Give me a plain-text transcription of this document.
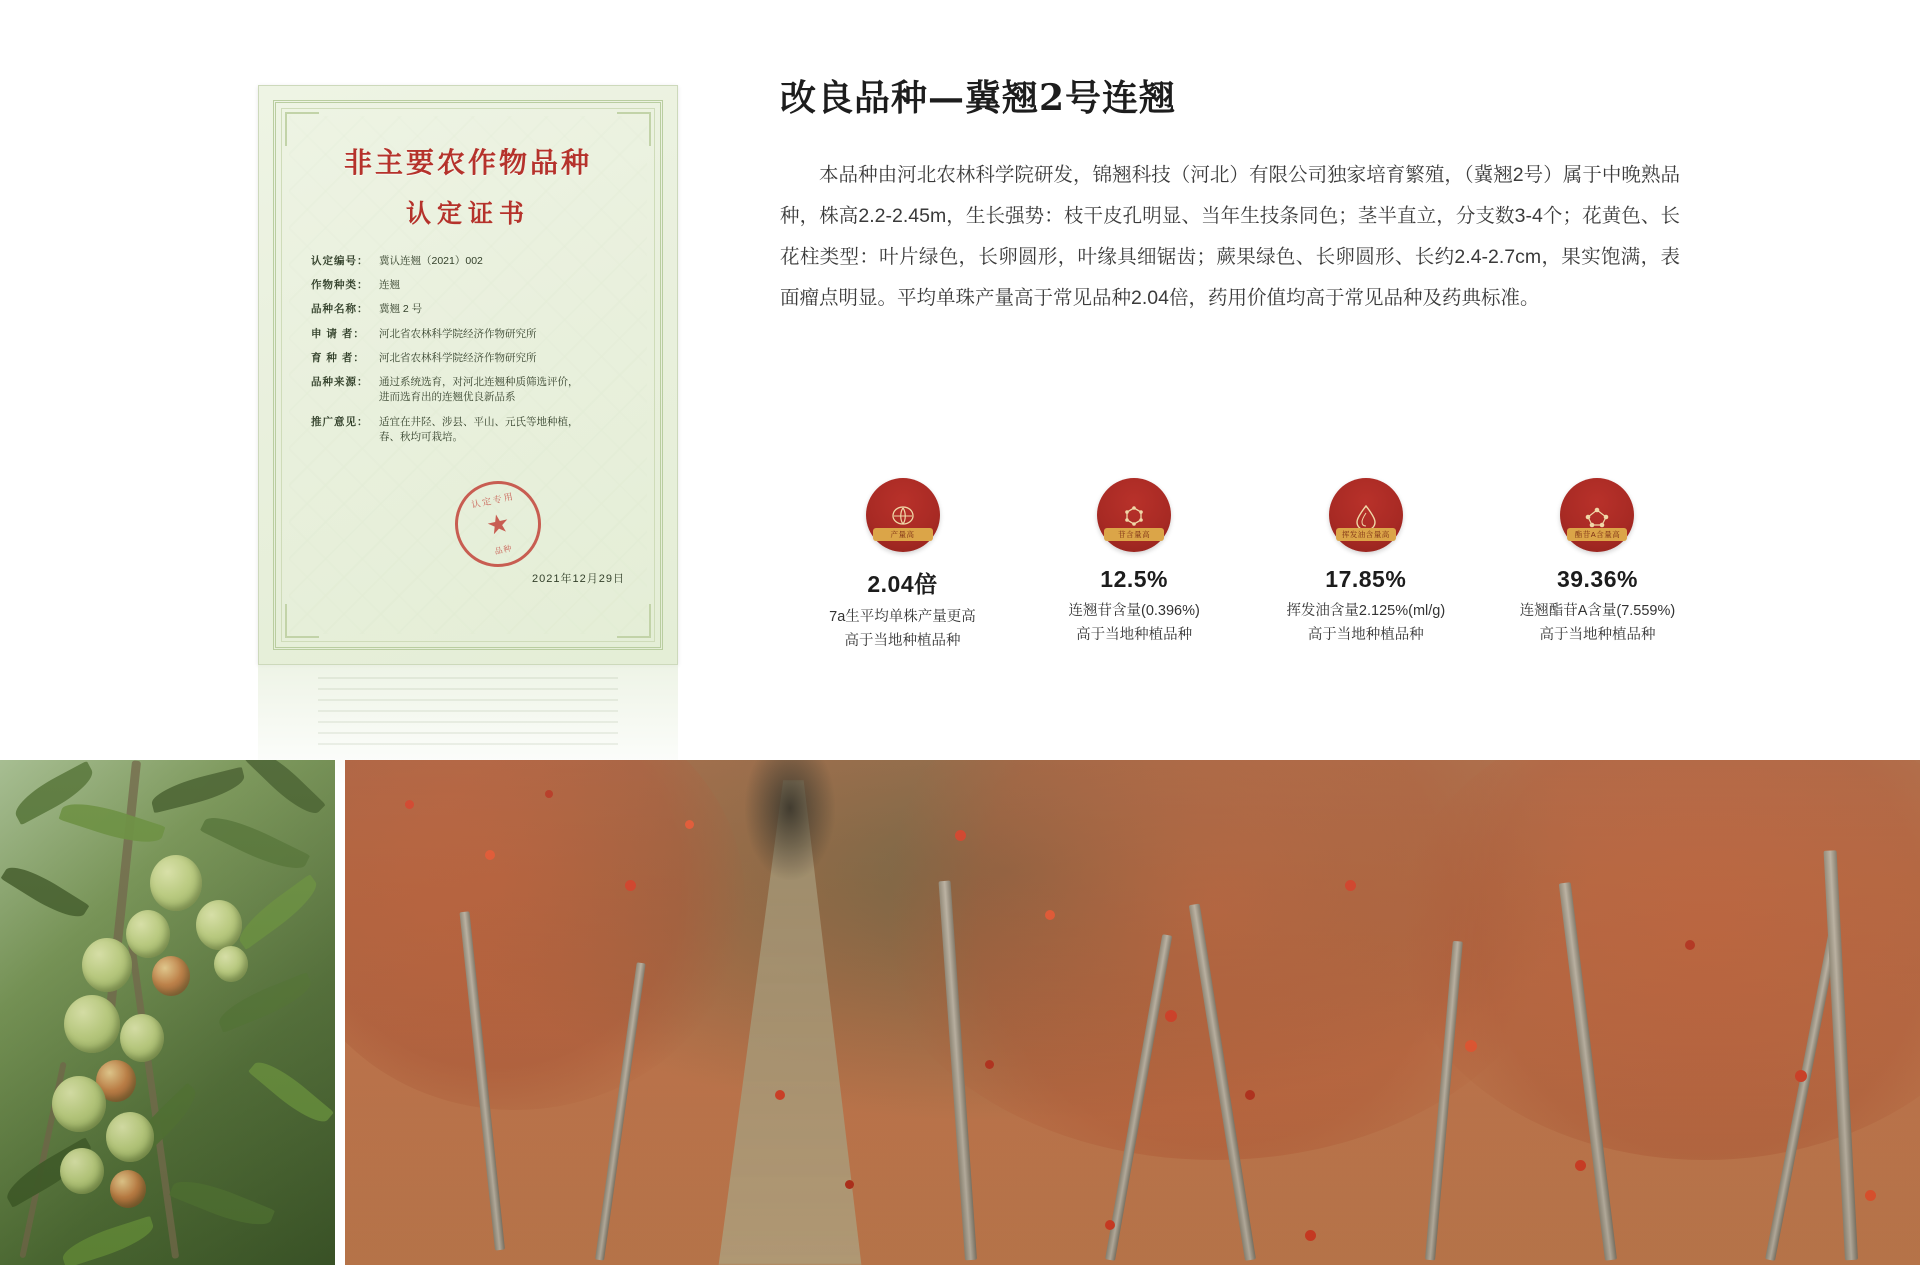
非主要农作物品种
认定证书
认定编号：	冀认连翘（2021）002
作物种类：	连翘
品种名称：	冀翘 2 号
申 请 者：	河北省农林科学院经济作物研究所
育 种 者：	河北省农林科学院经济作物研究所
品种来源：	通过系统选育，对河北连翘种质筛选评价，
进而选育出的连翘优良新品系
推广意见：	适宜在井陉、涉县、平山、元氏等地种植，
春、秋均可栽培。
认定专用
★
品种
2021年12月29日
改良品种—冀翘2号连翘

本品种由河北农林科学院研发，锦翘科技（河北）有限公司独家培育繁殖，（冀翘2号）属于中晚熟品种，株高2.2-2.45m，生长强势：枝干皮孔明显、当年生技条同色；茎半直立，分支数3-4个；花黄色、长花柱类型：叶片绿色，长卵圆形，叶缘具细锯齿；蕨果绿色、长卵圆形、长约2.4-2.7cm，果实饱满，表面瘤点明显。平均单珠产量高于常见品种2.04倍，药用价值均高于常见品种及药典标准。

产量高
2.04倍
7a生平均单株产量更高
高于当地种植品种
苷含量高
12.5%
连翘苷含量(0.396%)
高于当地种植品种
挥发油含量高
17.85%
挥发油含量2.125%(ml/g)
高于当地种植品种
酯苷A含量高
39.36%
连翘酯苷A含量(7.559%)
高于当地种植品种
